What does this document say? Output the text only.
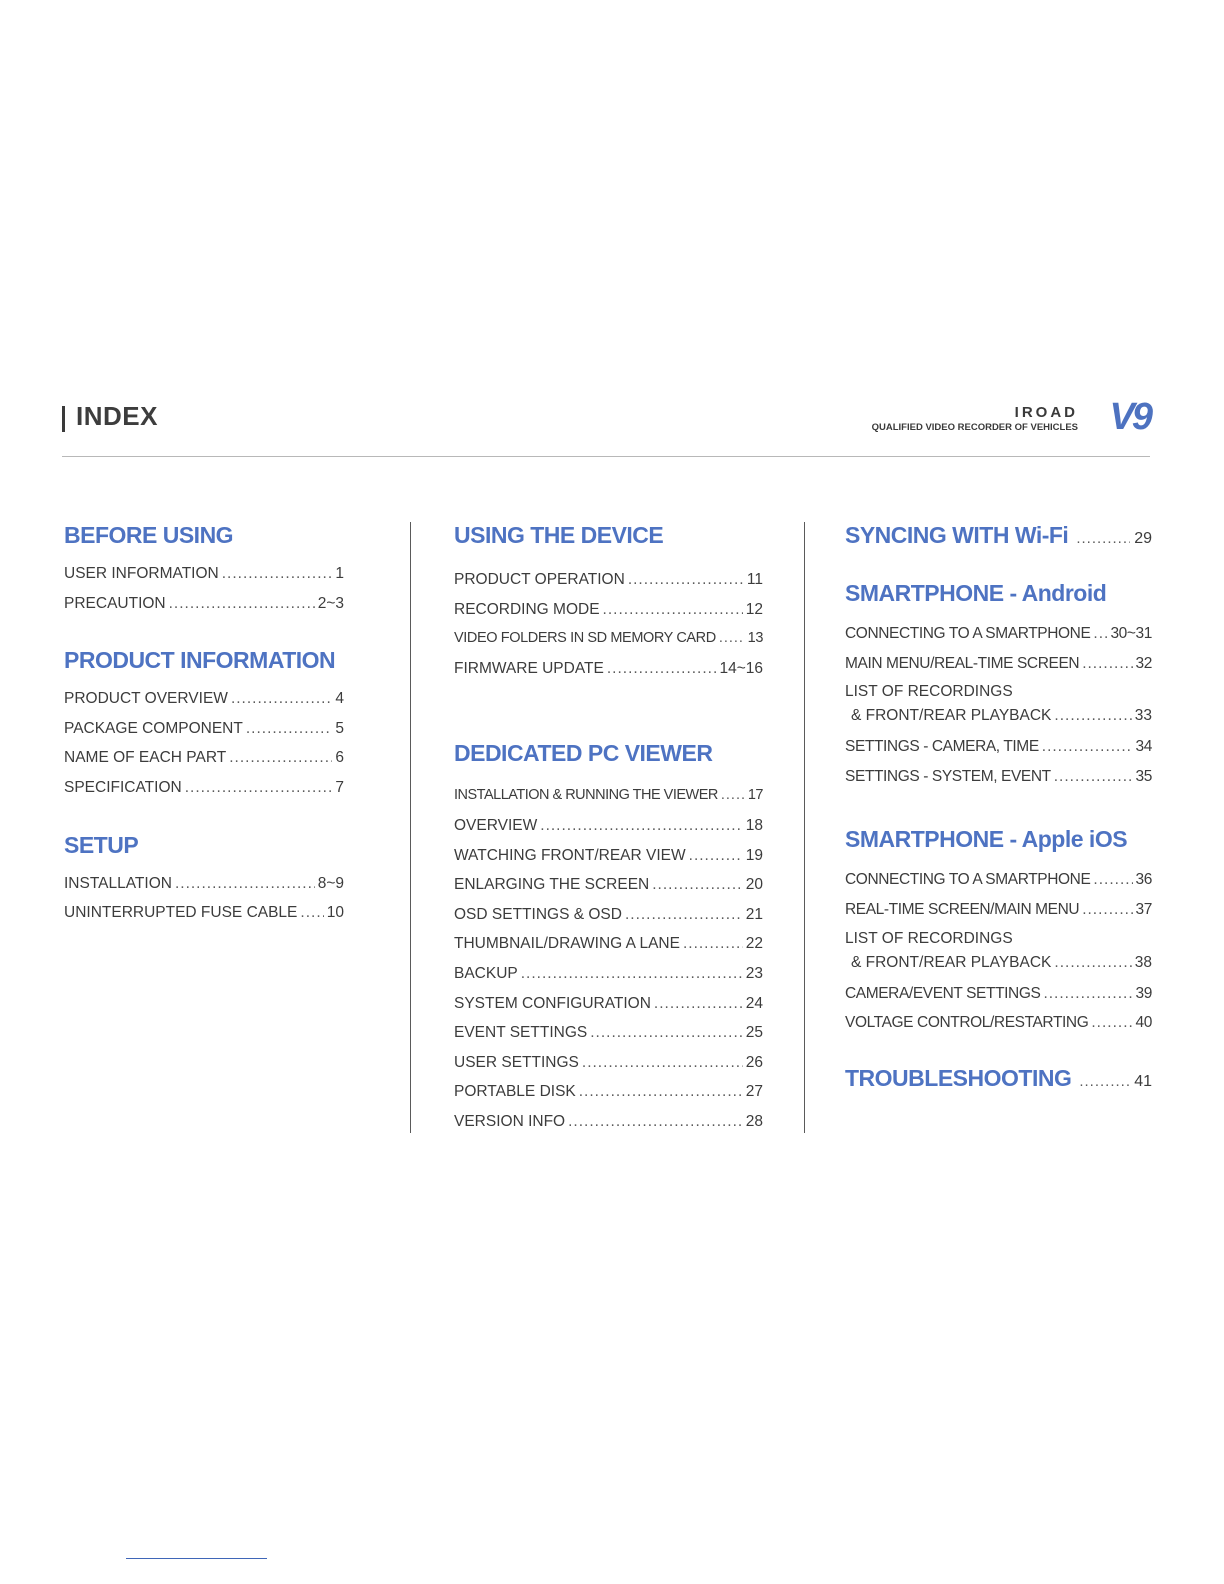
INDEX	IROAD
QUALIFIED VIDEO RECORDER OF VEHICLES V9
BEFORE USING
USER INFORMATION .....	1
PRECAUTION .....	2~3
PRODUCT INFORMATION
PRODUCT OVERVIEW .....	4
PACKAGE COMPONENT .....	5
NAME OF EACH PART .....	6
SPECIFICATION .....	7
SETUP
INSTALLATION .....	8~9
UNINTERRUPTED FUSE CABLE ..... 10
USING THE DEVICE
PRODUCT OPERATION .....	11
RECORDING MODE .....	12
VIDEO FOLDERS IN SD MEMORY CARD ..... 13
FIRMWARE UPDATE .....	14~16
DEDICATED PC VIEWER
INSTALLATION & RUNNING THE VIEWER ..... 17
OVERVIEW .....	18
WATCHING FRONT/REAR VIEW .....	19
ENLARGING THE SCREEN .....	20
OSD SETTINGS & OSD .....	21
THUMBNAIL/DRAWING A LANE .....	22
BACKUP .....	23
SYSTEM CONFIGURATION .....	24
EVENT SETTINGS .....	25
USER SETTINGS .....	26
PORTABLE DISK .....	27
VERSION INFO .....	28
SYNCING WITH Wi-Fi .....	29
SMARTPHONE - Android
CONNECTING TO A SMARTPHONE ..... 30~31
MAIN MENU/REAL-TIME SCREEN .....	32
LIST OF RECORDINGS
& FRONT/REAR PLAYBACK .....	33
SETTINGS - CAMERA, TIME .....	34
SETTINGS - SYSTEM, EVENT .....	35
SMARTPHONE - Apple iOS
CONNECTING TO A SMARTPHONE .....	36
REAL-TIME SCREEN/MAIN MENU .....	37
LIST OF RECORDINGS
& FRONT/REAR PLAYBACK .....	38
CAMERA/EVENT SETTINGS .....	39
VOLTAGE CONTROL/RESTARTING .....	40
TROUBLESHOOTING .....	41
